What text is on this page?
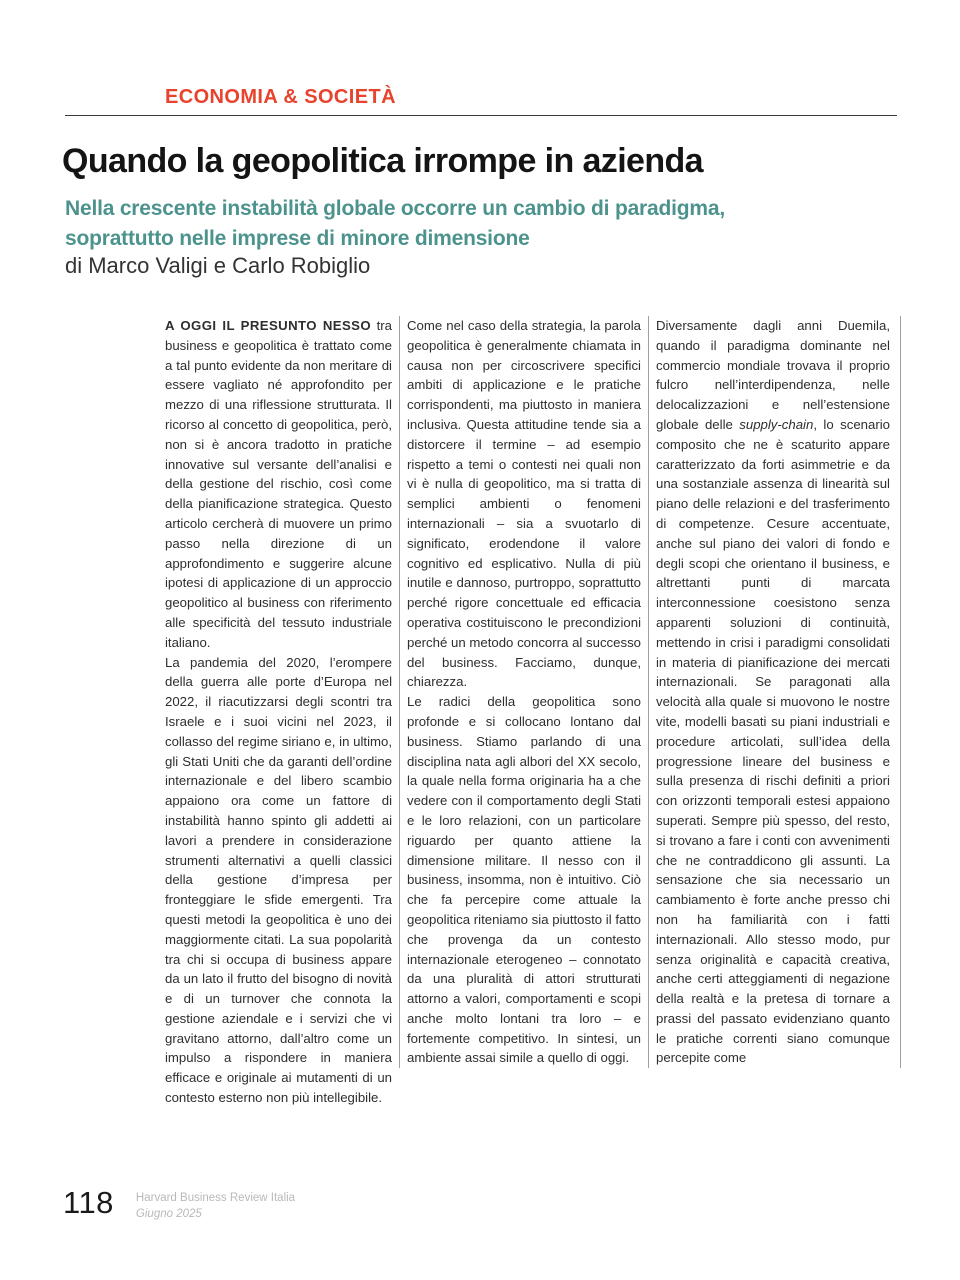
ECONOMIA & SOCIETÀ
Quando la geopolitica irrompe in azienda
Nella crescente instabilità globale occorre un cambio di paradigma,
soprattutto nelle imprese di minore dimensione
di Marco Valigi e Carlo Robiglio

A OGGI IL PRESUNTO NESSO tra business e geopolitica è trattato come a tal punto evidente da non meritare di essere vagliato né approfondito per mezzo di una riflessione strutturata. Il ricorso al concetto di geopolitica, però, non si è ancora tradotto in pratiche innovative sul versante dell’analisi e della gestione del rischio, così come della pianificazione strategica. Questo articolo cercherà di muovere un primo passo nella direzione di un approfondimento e suggerire alcune ipotesi di applicazione di un approccio geopolitico al business con riferimento alle specificità del tessuto industriale italiano.

La pandemia del 2020, l’erompere della guerra alle porte d’Europa nel 2022, il riacutizzarsi degli scontri tra Israele e i suoi vicini nel 2023, il collasso del regime siriano e, in ultimo, gli Stati Uniti che da garanti dell’ordine internazionale e del libero scambio appaiono ora come un fattore di instabilità hanno spinto gli addetti ai lavori a prendere in considerazione strumenti alternativi a quelli classici della gestione d’impresa per fronteggiare le sfide emergenti. Tra questi metodi la geopolitica è uno dei maggiormente citati. La sua popolarità tra chi si occupa di business appare da un lato il frutto del bisogno di novità e di un turnover che connota la gestione aziendale e i servizi che vi gravitano attorno, dall’altro come un impulso a rispondere in maniera efficace e originale ai mutamenti di un contesto esterno non più intellegibile.

Come nel caso della strategia, la parola geopolitica è generalmente chiamata in causa non per circoscrivere specifici ambiti di applicazione e le pratiche corrispondenti, ma piuttosto in maniera inclusiva. Questa attitudine tende sia a distorcere il termine – ad esempio rispetto a temi o contesti nei quali non vi è nulla di geopolitico, ma si tratta di semplici ambienti o fenomeni internazionali – sia a svuotarlo di significato, erodendone il valore cognitivo ed esplicativo. Nulla di più inutile e dannoso, purtroppo, soprattutto perché rigore concettuale ed efficacia operativa costituiscono le precondizioni perché un metodo concorra al successo del business. Facciamo, dunque, chiarezza.

Le radici della geopolitica sono profonde e si collocano lontano dal business. Stiamo parlando di una disciplina nata agli albori del XX secolo, la quale nella forma originaria ha a che vedere con il comportamento degli Stati e le loro relazioni, con un particolare riguardo per quanto attiene la dimensione militare. Il nesso con il business, insomma, non è intuitivo. Ciò che fa percepire come attuale la geopolitica riteniamo sia piuttosto il fatto che provenga da un contesto internazionale eterogeneo – connotato da una pluralità di attori strutturati attorno a valori, comportamenti e scopi anche molto lontani tra loro – e fortemente competitivo. In sintesi, un ambiente assai simile a quello di oggi.

Diversamente dagli anni Duemila, quando il paradigma dominante nel commercio mondiale trovava il proprio fulcro nell’interdipendenza, nelle delocalizzazioni e nell’estensione globale delle supply-chain, lo scenario composito che ne è scaturito appare caratterizzato da forti asimmetrie e da una sostanziale assenza di linearità sul piano delle relazioni e del trasferimento di competenze. Cesure accentuate, anche sul piano dei valori di fondo e degli scopi che orientano il business, e altrettanti punti di marcata interconnessione coesistono senza apparenti soluzioni di continuità, mettendo in crisi i paradigmi consolidati in materia di pianificazione dei mercati internazionali. Se paragonati alla velocità alla quale si muovono le nostre vite, modelli basati su piani industriali e procedure articolati, sull’idea della progressione lineare del business e sulla presenza di rischi definiti a priori con orizzonti temporali estesi appaiono superati. Sempre più spesso, del resto, si trovano a fare i conti con avvenimenti che ne contraddicono gli assunti. La sensazione che sia necessario un cambiamento è forte anche presso chi non ha familiarità con i fatti internazionali. Allo stesso modo, pur senza originalità e capacità creativa, anche certi atteggiamenti di negazione della realtà e la pretesa di tornare a prassi del passato evidenziano quanto le pratiche correnti siano comunque percepite come

118 Harvard Business Review Italia
Giugno 2025
